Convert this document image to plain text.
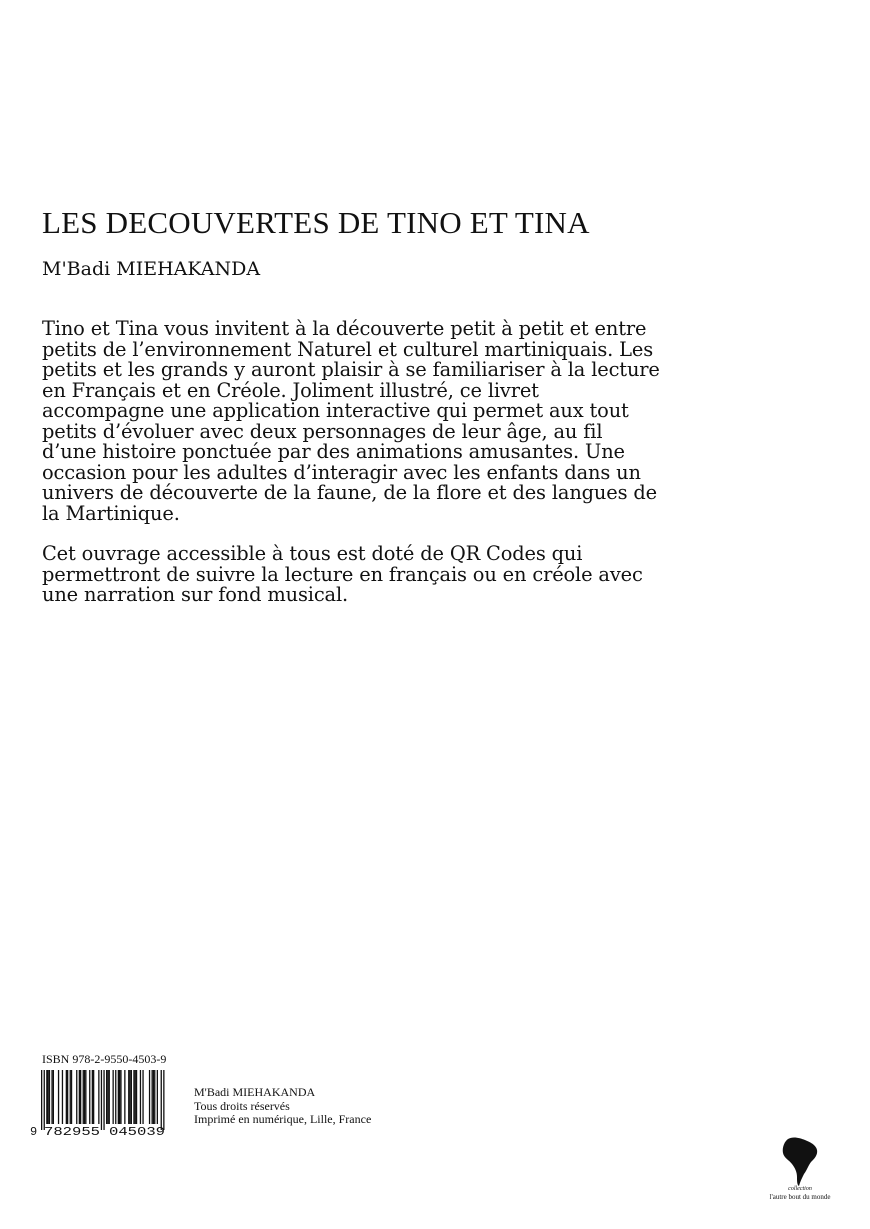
LES DECOUVERTES DE TINO ET TINA
M'Badi MIEHAKANDA

Tino et Tina vous invitent à la découverte petit à petit et entre petits de l’environnement Naturel et culturel martiniquais. Les petits et les grands y auront plaisir à se familiariser à la lecture en Français et en Créole. Joliment illustré, ce livret accompagne une application interactive qui permet aux tout petits d’évoluer avec deux personnages de leur âge, au fil d’une histoire ponctuée par des animations amusantes. Une occasion pour les adultes d’interagir avec les enfants dans un univers de découverte de la faune, de la flore et des langues de la Martinique.

Cet ouvrage accessible à tous est doté de QR Codes qui permettront de suivre la lecture en français ou en créole avec une narration sur fond musical.

ISBN 978-2-9550-4503-9
9 782955 045039
M'Badi MIEHAKANDA
Tous droits réservés
Imprimé en numérique, Lille, France
collection
l'autre bout du monde
